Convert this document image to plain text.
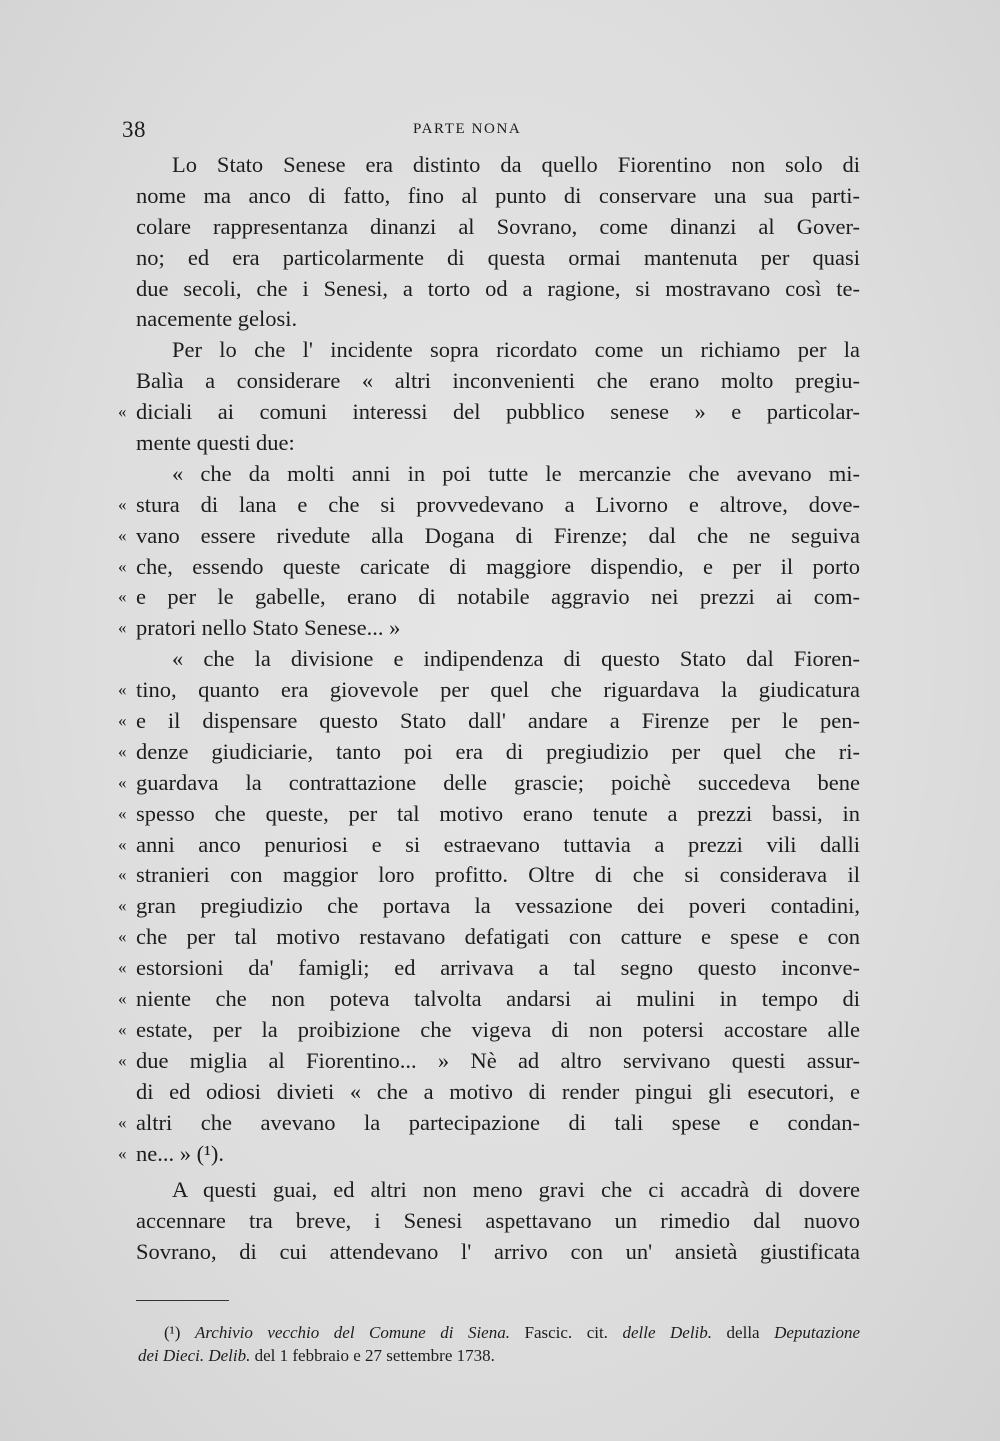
38	PARTE NONA
Lo Stato Senese era distinto da quello Fiorentino non solo di
nome ma anco di fatto, fino al punto di conservare una sua parti-
colare rappresentanza dinanzi al Sovrano, come dinanzi al Gover-
no; ed era particolarmente di questa ormai mantenuta per quasi
due secoli, che i Senesi, a torto od a ragione, si mostravano così te-
nacemente gelosi.
Per lo che l' incidente sopra ricordato come un richiamo per la
Balìa a considerare « altri inconvenienti che erano molto pregiu-
« diciali ai comuni interessi del pubblico senese » e particolar-
mente questi due:
« che da molti anni in poi tutte le mercanzie che avevano mi-
« stura di lana e che si provvedevano a Livorno e altrove, dove-
« vano essere rivedute alla Dogana di Firenze; dal che ne seguiva
« che, essendo queste caricate di maggiore dispendio, e per il porto
« e per le gabelle, erano di notabile aggravio nei prezzi ai com-
« pratori nello Stato Senese... »
« che la divisione e indipendenza di questo Stato dal Fioren-
« tino, quanto era giovevole per quel che riguardava la giudicatura
« e il dispensare questo Stato dall' andare a Firenze per le pen-
« denze giudiciarie, tanto poi era di pregiudizio per quel che ri-
« guardava la contrattazione delle grascie; poichè succedeva bene
« spesso che queste, per tal motivo erano tenute a prezzi bassi, in
« anni anco penuriosi e si estraevano tuttavia a prezzi vili dalli
« stranieri con maggior loro profitto. Oltre di che si considerava il
« gran pregiudizio che portava la vessazione dei poveri contadini,
« che per tal motivo restavano defatigati con catture e spese e con
« estorsioni da' famigli; ed arrivava a tal segno questo inconve-
« niente che non poteva talvolta andarsi ai mulini in tempo di
« estate, per la proibizione che vigeva di non potersi accostare alle
« due miglia al Fiorentino... » Nè ad altro servivano questi assur-
di ed odiosi divieti « che a motivo di render pingui gli esecutori, e
« altri che avevano la partecipazione di tali spese e condan-
« ne... » (¹).
A questi guai, ed altri non meno gravi che ci accadrà di dovere
accennare tra breve, i Senesi aspettavano un rimedio dal nuovo
Sovrano, di cui attendevano l' arrivo con un' ansietà giustificata
(¹) Archivio vecchio del Comune di Siena. Fascic. cit. delle Delib. della Deputazione
dei Dieci. Delib. del 1 febbraio e 27 settembre 1738.
